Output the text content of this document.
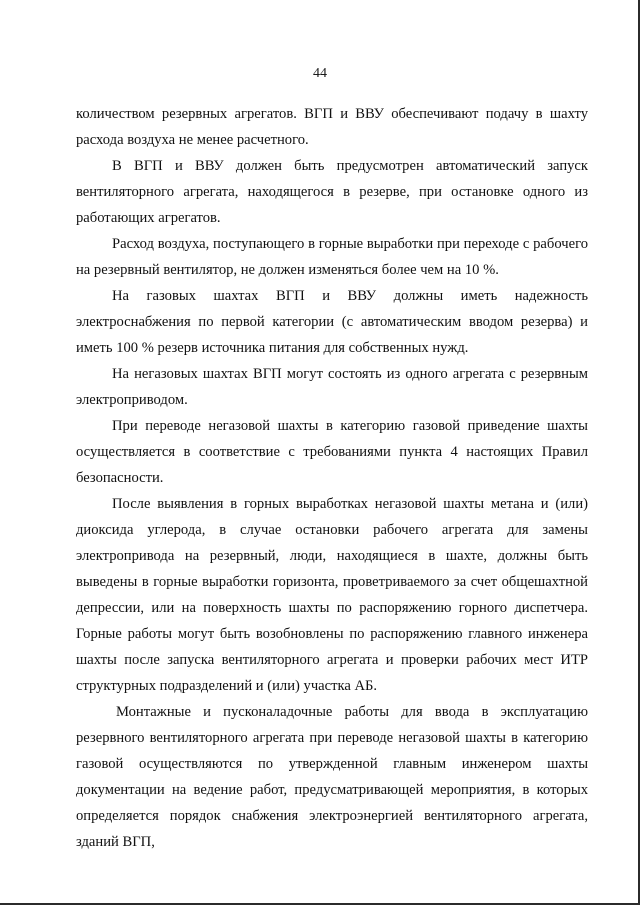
44

количеством резервных агрегатов. ВГП и ВВУ обеспечивают подачу в шахту расхода воздуха не менее расчетного.

В ВГП и ВВУ должен быть предусмотрен автоматический запуск вентиляторного агрегата, находящегося в резерве, при остановке одного из работающих агрегатов.

Расход воздуха, поступающего в горные выработки при переходе с рабочего на резервный вентилятор, не должен изменяться более чем на 10 %.

На газовых шахтах ВГП и ВВУ должны иметь надежность электроснабжения по первой категории (с автоматическим вводом резерва) и иметь 100 % резерв источника питания для собственных нужд.

На негазовых шахтах ВГП могут состоять из одного агрегата с резервным электроприводом.

При переводе негазовой шахты в категорию газовой приведение шахты осуществляется в соответствие с требованиями пункта 4 настоящих Правил безопасности.

После выявления в горных выработках негазовой шахты метана и (или) диоксида углерода, в случае остановки рабочего агрегата для замены электропривода на резервный, люди, находящиеся в шахте, должны быть выведены в горные выработки горизонта, проветриваемого за счет общешахтной депрессии, или на поверхность шахты по распоряжению горного диспетчера. Горные работы могут быть возобновлены по распоряжению главного инженера шахты после запуска вентиляторного агрегата и проверки рабочих мест ИТР структурных подразделений и (или) участка АБ.

Монтажные и пусконаладочные работы для ввода в эксплуатацию резервного вентиляторного агрегата при переводе негазовой шахты в категорию газовой осуществляются по утвержденной главным инженером шахты документации на ведение работ, предусматривающей мероприятия, в которых определяется порядок снабжения электроэнергией вентиляторного агрегата, зданий ВГП,
